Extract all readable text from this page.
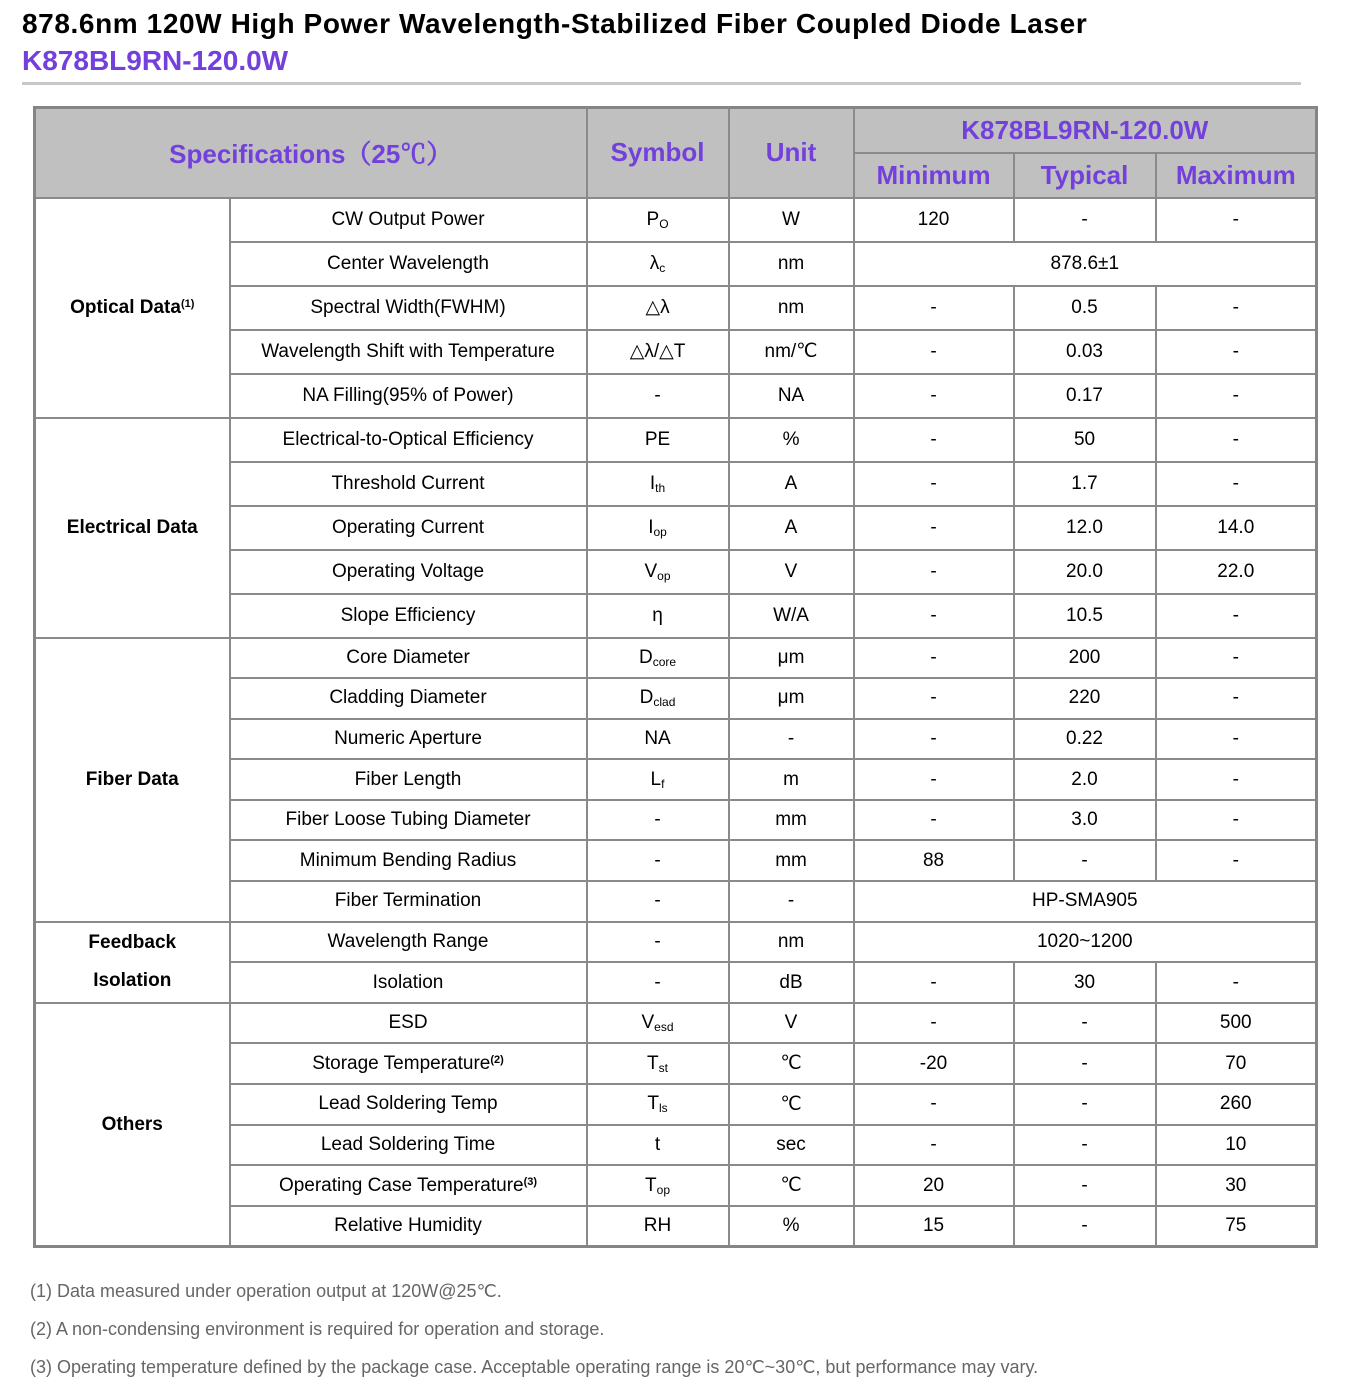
878.6nm 120W High Power Wavelength-Stabilized Fiber Coupled Diode Laser
K878BL9RN-120.0W
Specifications（25℃）		Symbol	Unit	K878BL9RN-120.0W		
				Minimum	Typical	Maximum
Optical Data$^{(1)}$	CW Output Power	$P_O$	W	120	-	-
	Center Wavelength	$\lambda_c$	nm	878.6±1		
	Spectral Width(FWHM)	△λ	nm	-	0.5	-
	Wavelength Shift with Temperature	△λ/△T	nm/℃	-	0.03	-
	NA Filling(95% of Power)	-	NA	-	0.17	-
Electrical Data	Electrical-to-Optical Efficiency	PE	%	-	50	-
	Threshold Current	$I_{th}$	A	-	1.7	-
	Operating Current	$I_{op}$	A	-	12.0	14.0
	Operating Voltage	$V_{op}$	V	-	20.0	22.0
	Slope Efficiency	η	W/A	-	10.5	-
Fiber Data	Core Diameter	$D_{core}$	μm	-	200	-
	Cladding Diameter	$D_{clad}$	μm	-	220	-
	Numeric Aperture	NA	-	-	0.22	-
	Fiber Length	$L_f$	m	-	2.0	-
	Fiber Loose Tubing Diameter	-	mm	-	3.0	-
	Minimum Bending Radius	-	mm	88	-	-
	Fiber Termination	-	-	HP-SMA905		

Feedback
Isolation	Wavelength Range	-	nm	1020~1200		
	Isolation	-	dB	-	30	-
Others	ESD	$V_{esd}$	V	-	-	500
	Storage Temperature$^{(2)}$	$T_{st}$	℃	-20	-	70
	Lead Soldering Temp	$T_{ls}$	℃	-	-	260
	Lead Soldering Time	t	sec	-	-	10
	Operating Case Temperature$^{(3)}$	$T_{op}$	℃	20	-	30
	Relative Humidity	RH	%	15	-	75
(1) Data measured under operation output at 120W@25℃.
(2) A non-condensing environment is required for operation and storage.
(3) Operating temperature defined by the package case. Acceptable operating range is 20℃~30℃, but performance may vary.
